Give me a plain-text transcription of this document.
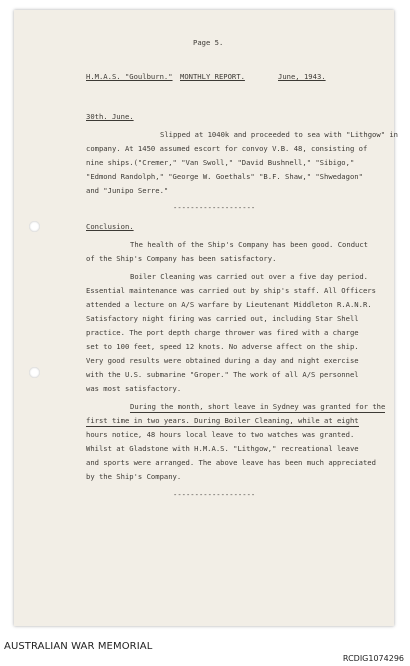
Page 5.
H.M.A.S. "Goulburn." MONTHLY REPORT.	June, 1943.
30th. June.
Slipped at 1040k and proceeded to sea with "Lithgow" in
company. At 1450 assumed escort for convoy V.B. 48, consisting of
nine ships.("Cremer," "Van Swoll," "David Bushnell," "Sibigo,"
"Edmond Randolph," "George W. Goethals" "B.F. Shaw," "Shwedagon"
and "Junipo Serre."
-------------------
Conclusion.
The health of the Ship's Company has been good. Conduct
of the Ship's Company has been satisfactory.
Boiler Cleaning was carried out over a five day period.
Essential maintenance was carried out by ship's staff. All Officers
attended a lecture on A/S warfare by Lieutenant Middleton R.A.N.R.
Satisfactory night firing was carried out, including Star Shell
practice. The port depth charge thrower was fired with a charge
set to 100 feet, speed 12 knots. No adverse affect on the ship.
Very good results were obtained during a day and night exercise
with the U.S. submarine "Groper." The work of all A/S personnel
was most satisfactory.
During the month, short leave in Sydney was granted for the
first time in two years. During Boiler Cleaning, while at eight
hours notice, 48 hours local leave to two watches was granted.
Whilst at Gladstone with H.M.A.S. "Lithgow," recreational leave
and sports were arranged. The above leave has been much appreciated
by the Ship's Company.
-------------------
AUSTRALIAN WAR MEMORIAL
RCDIG1074296
